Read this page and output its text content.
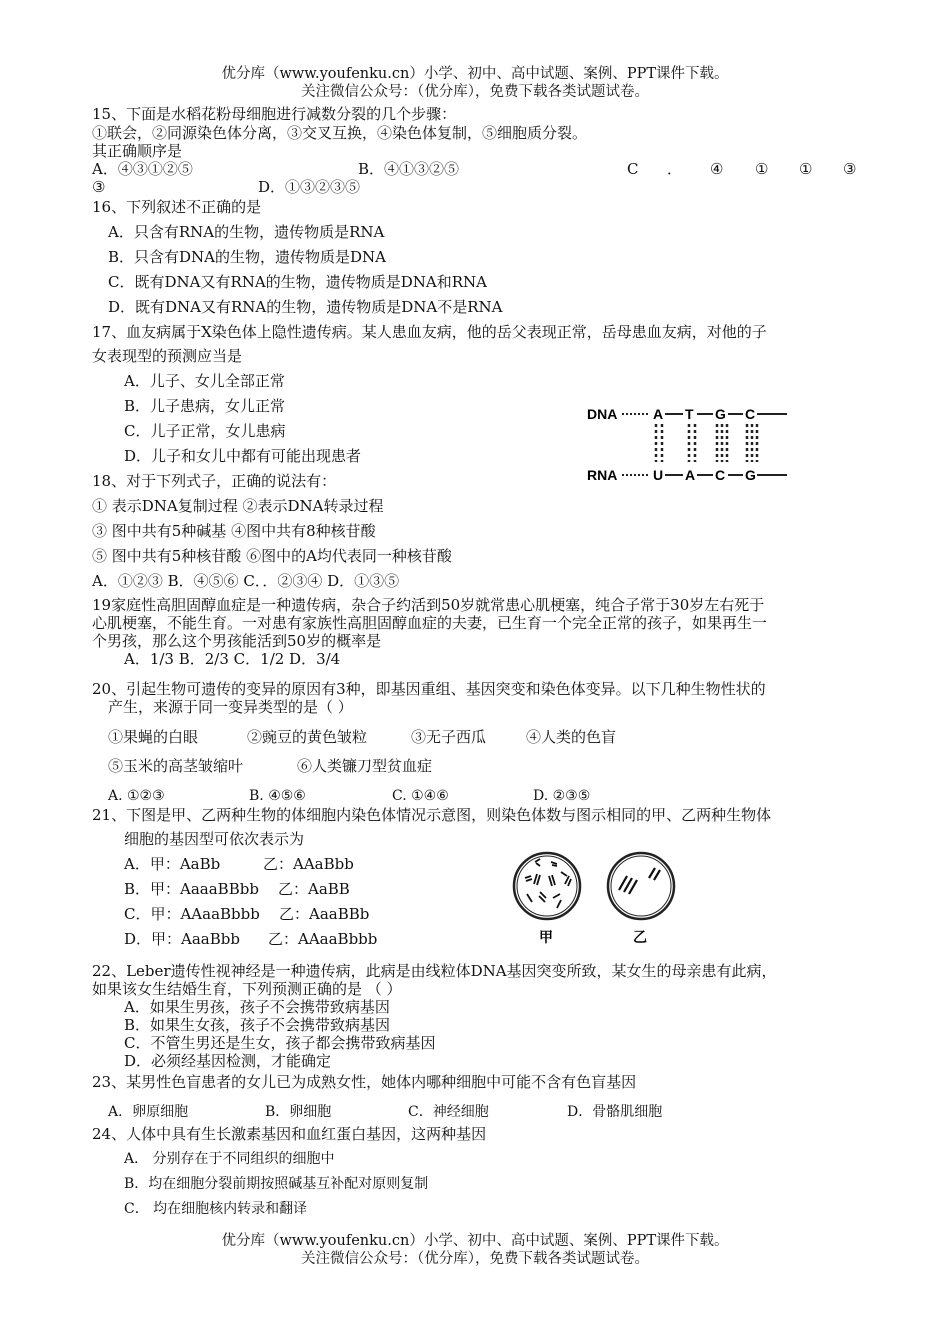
优分库（www.youfenku.cn）小学、初中、高中试题、案例、PPT课件下载。
关注微信公众号：（优分库），免费下载各类试题试卷。
15、下面是水稻花粉母细胞进行减数分裂的几个步骤：
①联会，②同源染色体分离，③交叉互换，④染色体复制，⑤细胞质分裂。
其正确顺序是
A．④③①②⑤	B．④①③②⑤	C ． ④ ① ① ③
③	D．①③②③⑤
16、下列叙述不正确的是
A．只含有RNA的生物，遗传物质是RNA
B．只含有DNA的生物，遗传物质是DNA
C．既有DNA又有RNA的生物，遗传物质是DNA和RNA
D．既有DNA又有RNA的生物，遗传物质是DNA不是RNA
17、血友病属于X染色体上隐性遗传病。某人患血友病，他的岳父表现正常，岳母患血友病，对他的子
女表现型的预测应当是
A．儿子、女儿全部正常
B．儿子患病，女儿正常
C．儿子正常，女儿患病
D．儿子和女儿中都有可能出现患者
DNA	A T G C
RNA	U A C G
18、对于下列式子，正确的说法有：
① 表示DNA复制过程 ②表示DNA转录过程
③ 图中共有5种碱基 ④图中共有8种核苷酸
⑤ 图中共有5种核苷酸 ⑥图中的A均代表同一种核苷酸
A．①②③ B．④⑤⑥ C．．②③④ D．①③⑤
19家庭性高胆固醇血症是一种遗传病，杂合子约活到50岁就常患心肌梗塞，纯合子常于30岁左右死于
心肌梗塞，不能生育。一对患有家族性高胆固醇血症的夫妻，已生育一个完全正常的孩子，如果再生一
个男孩，那么这个男孩能活到50岁的概率是
A．1/3 B．2/3 C．1/2 D．3/4
20、引起生物可遗传的变异的原因有3种，即基因重组、基因突变和染色体变异。以下几种生物性状的
产生，来源于同一变异类型的是（ ）
①果蝇的白眼	②豌豆的黄色皱粒	③无子西瓜	④人类的色盲
⑤玉米的高茎皱缩叶	⑥人类镰刀型贫血症
A. ①②③	B. ④⑤⑥	C. ①④⑥	D. ②③⑤
21、下图是甲、乙两种生物的体细胞内染色体情况示意图，则染色体数与图示相同的甲、乙两种生物体
细胞的基因型可依次表示为
A．甲：AaBb	乙：AAaBbb
B．甲：AaaaBBbb 乙：AaBB
C．甲：AAaaBbbb 乙：AaaBBb
D．甲：AaaBbb 乙：AAaaBbbb	甲	乙
22、Leber遗传性视神经是一种遗传病，此病是由线粒体DNA基因突变所致，某女生的母亲患有此病，
如果该女生结婚生育，下列预测正确的是 （ ）
A．如果生男孩，孩子不会携带致病基因
B．如果生女孩，孩子不会携带致病基因
C．不管生男还是生女，孩子都会携带致病基因
D．必须经基因检测，才能确定
23、某男性色盲患者的女儿已为成熟女性，她体内哪种细胞中可能不含有色盲基因
A．卵原细胞	B．卵细胞	C．神经细胞	D．骨骼肌细胞
24、人体中具有生长激素基因和血红蛋白基因，这两种基因
A． 分别存在于不同组织的细胞中
B．均在细胞分裂前期按照碱基互补配对原则复制
C． 均在细胞核内转录和翻译
优分库（www.youfenku.cn）小学、初中、高中试题、案例、PPT课件下载。
关注微信公众号：（优分库），免费下载各类试题试卷。
